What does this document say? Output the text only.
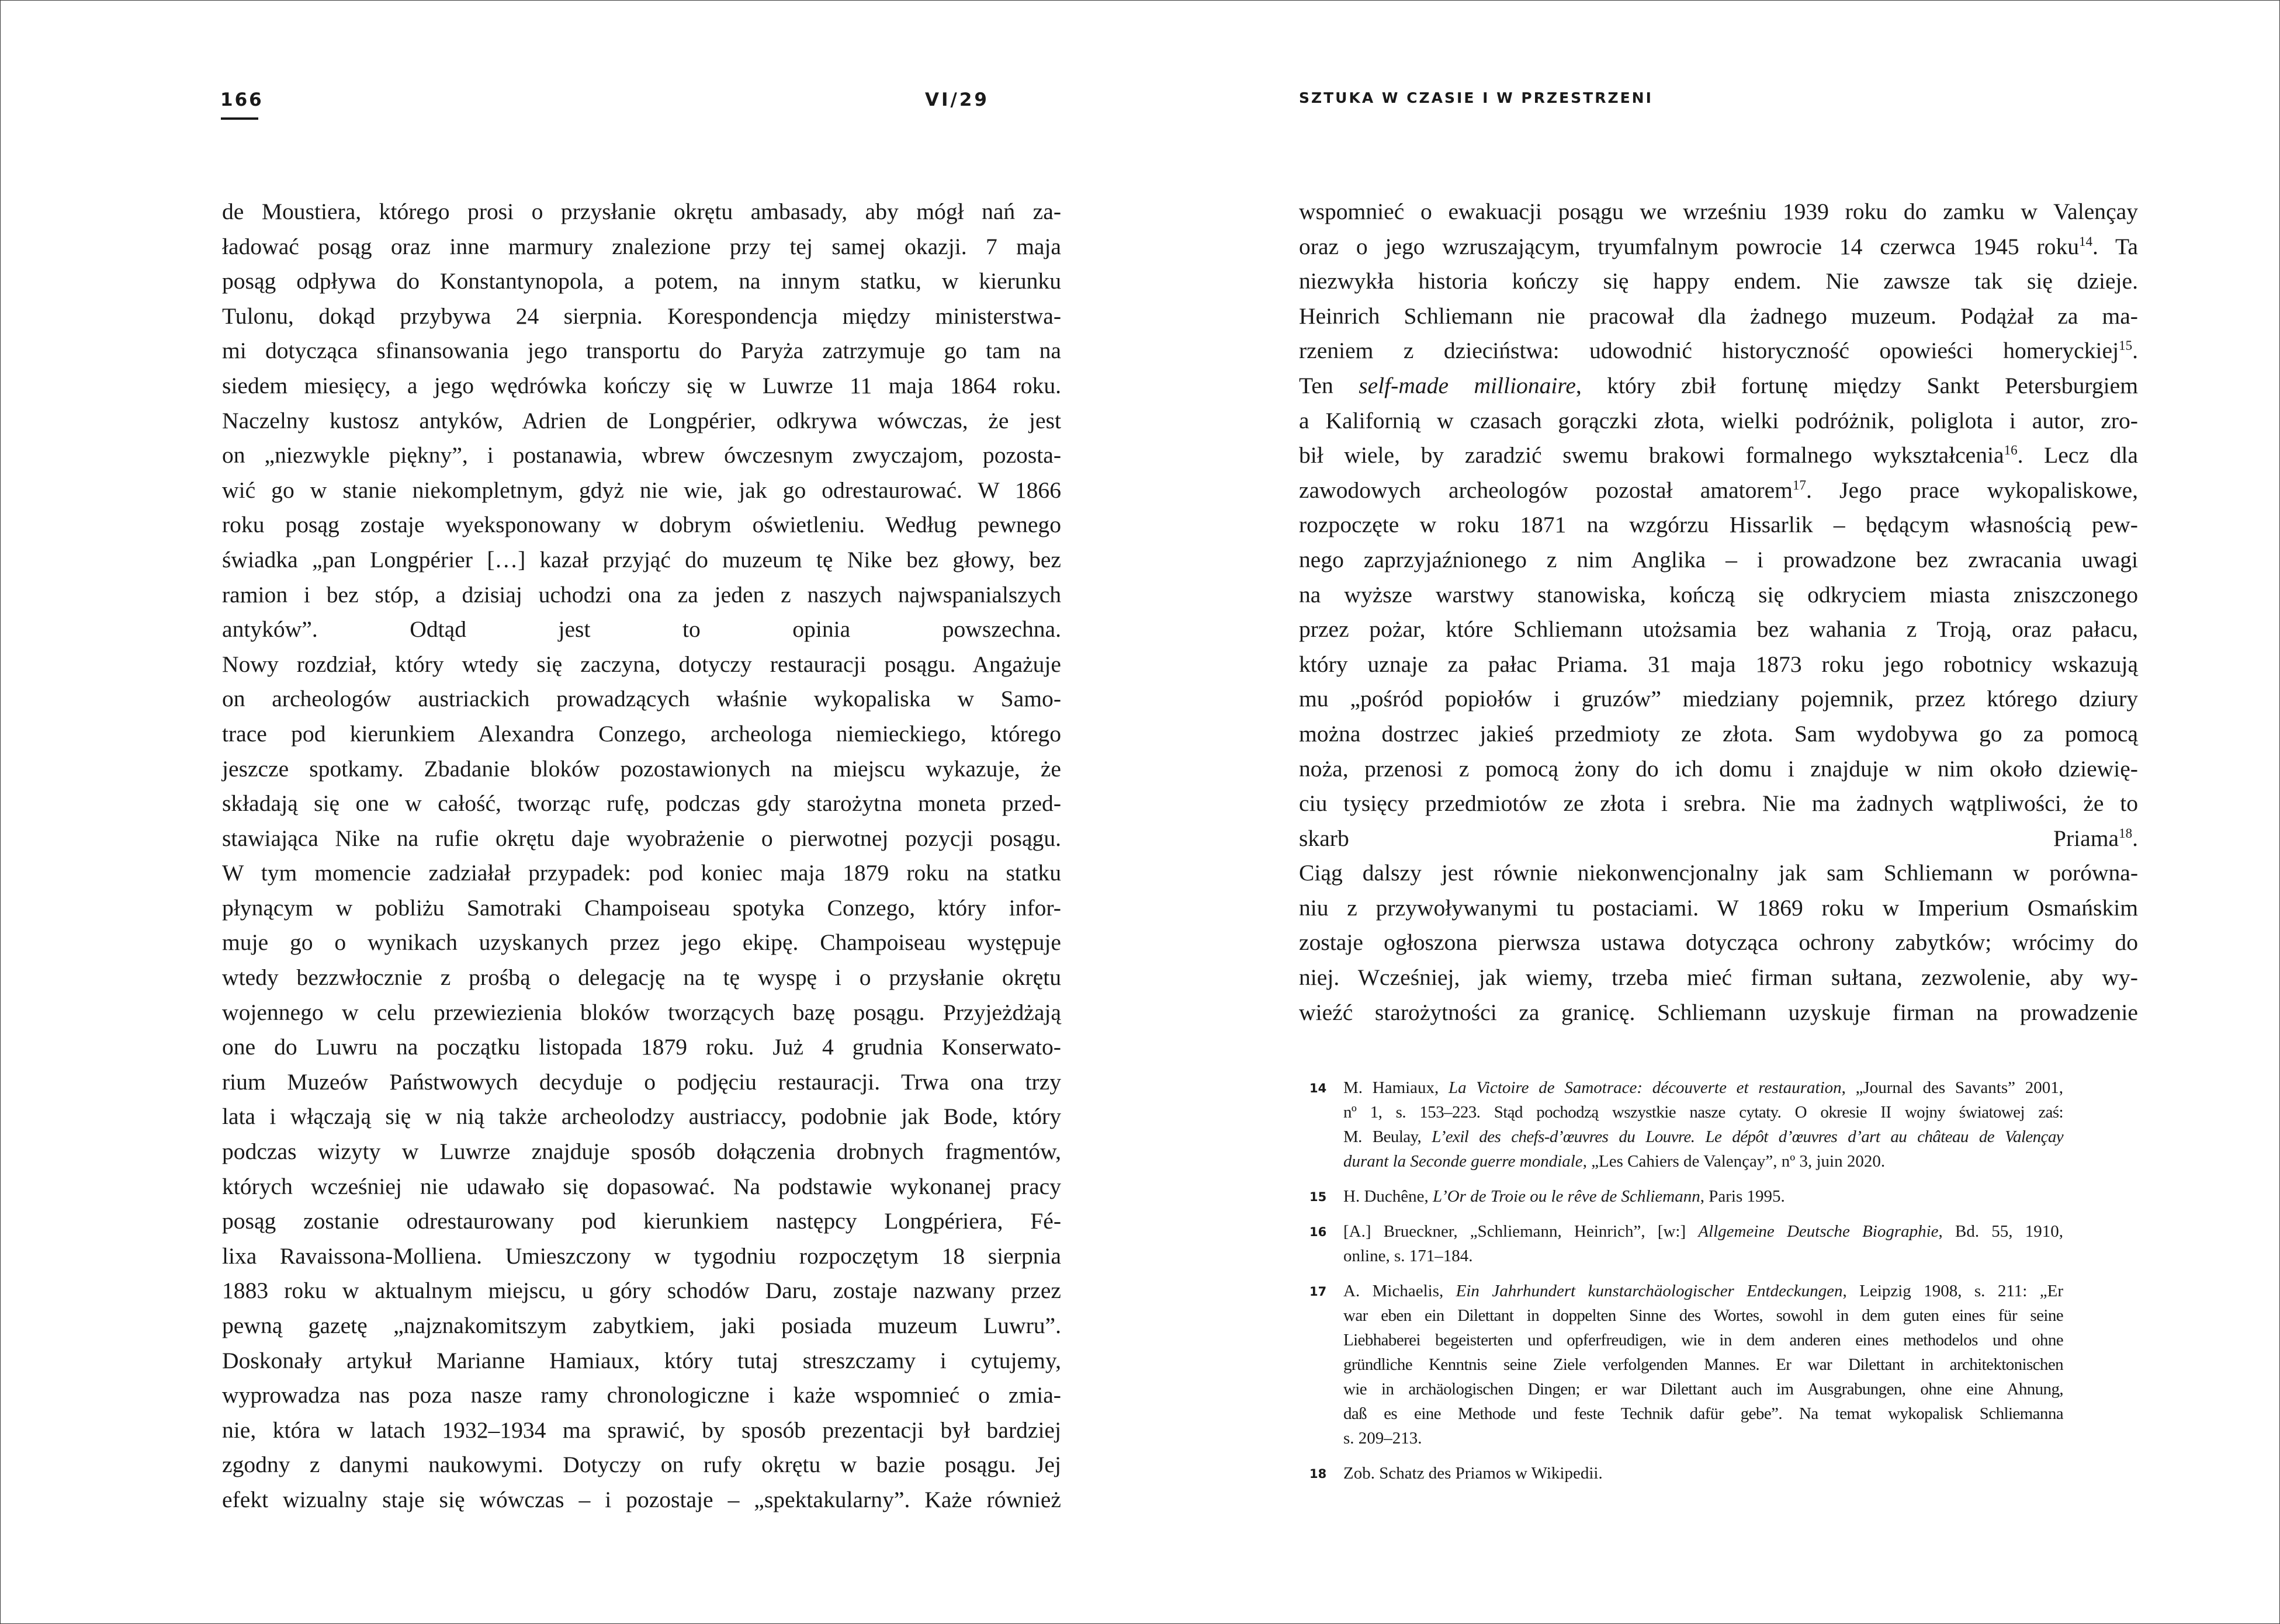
166	VI/29	SZTUKA W CZASIE I W PRZESTRZENI

de Moustiera, którego prosi o przysłanie okrętu ambasady, aby mógł nań za-
ładować posąg oraz inne marmury znalezione przy tej samej okazji. 7 maja
posąg odpływa do Konstantynopola, a potem, na innym statku, w kierunku
Tulonu, dokąd przybywa 24 sierpnia. Korespondencja między ministerstwa-
mi dotycząca sfinansowania jego transportu do Paryża zatrzymuje go tam na
siedem miesięcy, a jego wędrówka kończy się w Luwrze 11 maja 1864 roku.
Naczelny kustosz antyków, Adrien de Longpérier, odkrywa wówczas, że jest
on „niezwykle piękny”, i postanawia, wbrew ówczesnym zwyczajom, pozosta-
wić go w stanie niekompletnym, gdyż nie wie, jak go odrestaurować. W 1866
roku posąg zostaje wyeksponowany w dobrym oświetleniu. Według pewnego
świadka „pan Longpérier […] kazał przyjąć do muzeum tę Nike bez głowy, bez
ramion i bez stóp, a dzisiaj uchodzi ona za jeden z naszych najwspanialszych
antyków”. Odtąd jest to opinia powszechna.

Nowy rozdział, który wtedy się zaczyna, dotyczy restauracji posągu. Angażuje
on archeologów austriackich prowadzących właśnie wykopaliska w Samo-
trace pod kierunkiem Alexandra Conzego, archeologa niemieckiego, którego
jeszcze spotkamy. Zbadanie bloków pozostawionych na miejscu wykazuje, że
składają się one w całość, tworząc rufę, podczas gdy starożytna moneta przed-
stawiająca Nike na rufie okrętu daje wyobrażenie o pierwotnej pozycji posągu.

W tym momencie zadziałał przypadek: pod koniec maja 1879 roku na statku
płynącym w pobliżu Samotraki Champoiseau spotyka Conzego, który infor-
muje go o wynikach uzyskanych przez jego ekipę. Champoiseau występuje
wtedy bezzwłocznie z prośbą o delegację na tę wyspę i o przysłanie okrętu
wojennego w celu przewiezienia bloków tworzących bazę posągu. Przyjeżdżają
one do Luwru na początku listopada 1879 roku. Już 4 grudnia Konserwato-
rium Muzeów Państwowych decyduje o podjęciu restauracji. Trwa ona trzy
lata i włączają się w nią także archeolodzy austriaccy, podobnie jak Bode, który
podczas wizyty w Luwrze znajduje sposób dołączenia drobnych fragmentów,
których wcześniej nie udawało się dopasować. Na podstawie wykonanej pracy
posąg zostanie odrestaurowany pod kierunkiem następcy Longpériera, Fé-
lixa Ravaissona-Molliena. Umieszczony w tygodniu rozpoczętym 18 sierpnia
1883 roku w aktualnym miejscu, u góry schodów Daru, zostaje nazwany przez
pewną gazetę „najznakomitszym zabytkiem, jaki posiada muzeum Luwru”.

Doskonały artykuł Marianne Hamiaux, który tutaj streszczamy i cytujemy,
wyprowadza nas poza nasze ramy chronologiczne i każe wspomnieć o zmia-
nie, która w latach 1932–1934 ma sprawić, by sposób prezentacji był bardziej
zgodny z danymi naukowymi. Dotyczy on rufy okrętu w bazie posągu. Jej
efekt wizualny staje się wówczas – i pozostaje – „spektakularny”. Każe również

wspomnieć o ewakuacji posągu we wrześniu 1939 roku do zamku w Valençay
oraz o jego wzruszającym, tryumfalnym powrocie 14 czerwca 1945 roku$^{14}$. Ta
niezwykła historia kończy się happy endem. Nie zawsze tak się dzieje.

Heinrich Schliemann nie pracował dla żadnego muzeum. Podążał za ma-
rzeniem z dzieciństwa: udowodnić historyczność opowieści homeryckiej$^{15}$.
Ten self-made millionaire, który zbił fortunę między Sankt Petersburgiem
a Kalifornią w czasach gorączki złota, wielki podróżnik, poliglota i autor, zro-
bił wiele, by zaradzić swemu brakowi formalnego wykształcenia$^{16}$. Lecz dla
zawodowych archeologów pozostał amatorem$^{17}$. Jego prace wykopaliskowe,
rozpoczęte w roku 1871 na wzgórzu Hissarlik – będącym własnością pew-
nego zaprzyjaźnionego z nim Anglika – i prowadzone bez zwracania uwagi
na wyższe warstwy stanowiska, kończą się odkryciem miasta zniszczonego
przez pożar, które Schliemann utożsamia bez wahania z Troją, oraz pałacu,
który uznaje za pałac Priama. 31 maja 1873 roku jego robotnicy wskazują
mu „pośród popiołów i gruzów” miedziany pojemnik, przez którego dziury
można dostrzec jakieś przedmioty ze złota. Sam wydobywa go za pomocą
noża, przenosi z pomocą żony do ich domu i znajduje w nim około dziewię-
ciu tysięcy przedmiotów ze złota i srebra. Nie ma żadnych wątpliwości, że to
skarb Priama$^{18}$.

Ciąg dalszy jest równie niekonwencjonalny jak sam Schliemann w porówna-
niu z przywoływanymi tu postaciami. W 1869 roku w Imperium Osmańskim
zostaje ogłoszona pierwsza ustawa dotycząca ochrony zabytków; wrócimy do
niej. Wcześniej, jak wiemy, trzeba mieć firman sułtana, zezwolenie, aby wy-
wieźć starożytności za granicę. Schliemann uzyskuje firman na prowadzenie

14 M. Hamiaux, La Victoire de Samotrace: découverte et restauration, „Journal des Savants” 2001,
nº 1, s. 153–223. Stąd pochodzą wszystkie nasze cytaty. O okresie II wojny światowej zaś:
M. Beulay, L’exil des chefs-d’œuvres du Louvre. Le dépôt d’œuvres d’art au château de Valençay
durant la Seconde guerre mondiale, „Les Cahiers de Valençay”, nº 3, juin 2020.
15 H. Duchêne, L’Or de Troie ou le rêve de Schliemann, Paris 1995.
16 [A.] Brueckner, „Schliemann, Heinrich”, [w:] Allgemeine Deutsche Biographie, Bd. 55, 1910,
online, s. 171–184.
17 A. Michaelis, Ein Jahrhundert kunstarchäologischer Entdeckungen, Leipzig 1908, s. 211: „Er
war eben ein Dilettant in doppelten Sinne des Wortes, sowohl in dem guten eines für seine
Liebhaberei begeisterten und opferfreudigen, wie in dem anderen eines methodelos und ohne
gründliche Kenntnis seine Ziele verfolgenden Mannes. Er war Dilettant in architektonischen
wie in archäologischen Dingen; er war Dilettant auch im Ausgrabungen, ohne eine Ahnung,
daß es eine Methode und feste Technik dafür gebe”. Na temat wykopalisk Schliemanna
s. 209–213.
18 Zob. Schatz des Priamos w Wikipedii.
